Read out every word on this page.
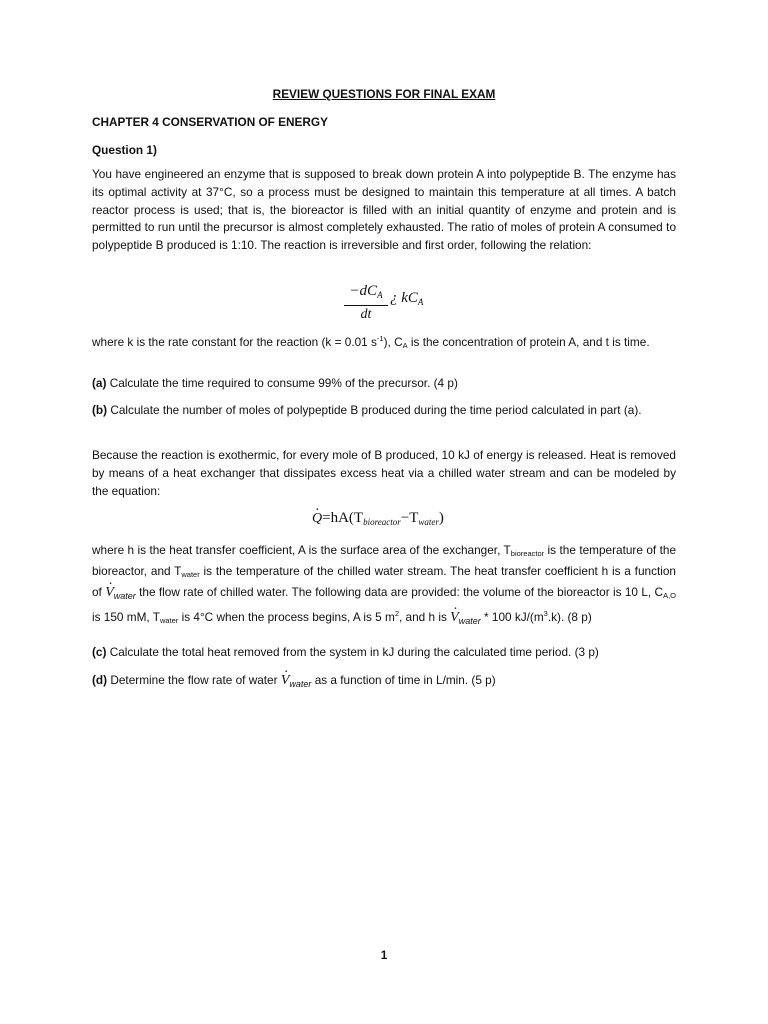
REVIEW QUESTIONS FOR FINAL EXAM

CHAPTER 4 CONSERVATION OF ENERGY

Question 1)

You have engineered an enzyme that is supposed to break down protein A into polypeptide B. The enzyme has its optimal activity at 37°C, so a process must be designed to maintain this temperature at all times. A batch reactor process is used; that is, the bioreactor is filled with an initial quantity of enzyme and protein and is permitted to run until the precursor is almost completely exhausted. The ratio of moles of protein A consumed to polypeptide B produced is 1:10. The reaction is irreversible and first order, following the relation:

$-dC_A$
dt
¿ $kC_A$

where k is the rate constant for the reaction (k = 0.01 $s^{-1}$), $C_A$ is the concentration of protein A, and t is time.

(a) Calculate the time required to consume 99% of the precursor. (4 p)

(b) Calculate the number of moles of polypeptide B produced during the time period calculated in part (a).

Because the reaction is exothermic, for every mole of B produced, 10 kJ of energy is released. Heat is removed by means of a heat exchanger that dissipates excess heat via a chilled water stream and can be modeled by the equation:

· $Q=hA(T_{bioreactor}-T_{water})$

where h is the heat transfer coefficient, A is the surface area of the exchanger, $T_{bioreactor}$ is the temperature of the bioreactor, and $T_{water}$ is the temperature of the chilled water stream. The heat transfer coefficient h is a function of · $V_{water}$ the flow rate of chilled water. The following data are provided: the volume of the bioreactor is 10 L, $C_{A,O}$ is 150 mM, $T_{water}$ is 4°C when the process begins, A is 5 $m^2$, and h is · $V_{water} * 100$ $kJ/(m^3.k)$. (8 p)

(c) Calculate the total heat removed from the system in kJ during the calculated time period. (3 p)

(d) Determine the flow rate of water · $V_{water}$ as a function of time in L/min. (5 p)

1
